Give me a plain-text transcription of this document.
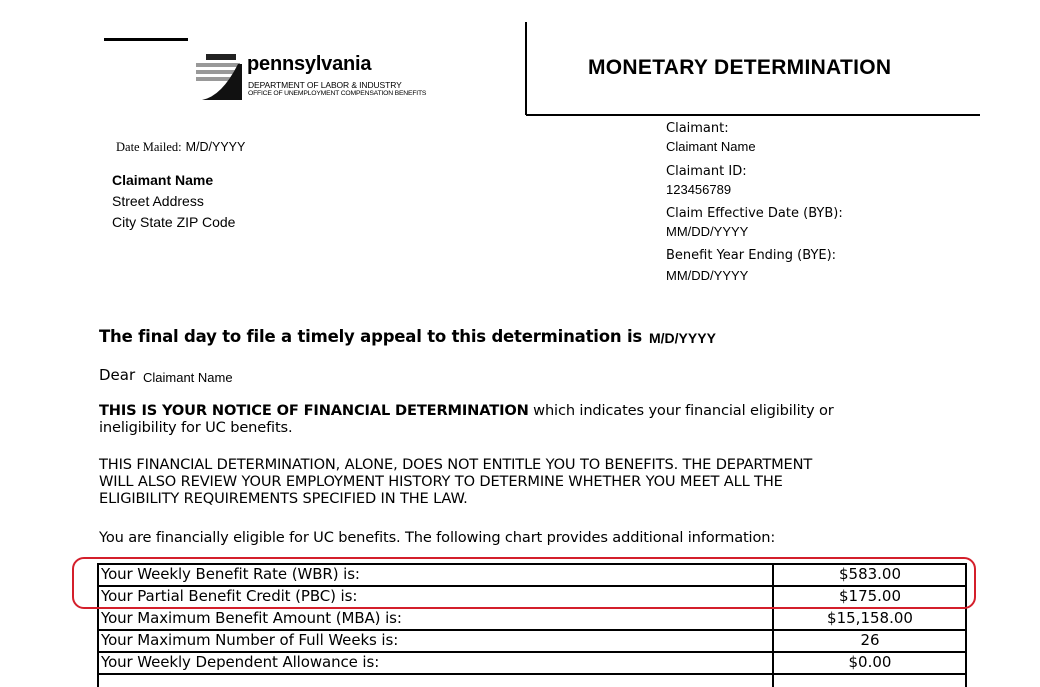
pennsylvania
DEPARTMENT OF LABOR & INDUSTRY
OFFICE OF UNEMPLOYMENT COMPENSATION BENEFITS
MONETARY DETERMINATION
Date Mailed: M/D/YYYY
Claimant Name
Street Address
City State ZIP Code
Claimant:
Claimant Name
Claimant ID:
123456789
Claim Effective Date (BYB):
MM/DD/YYYY
Benefit Year Ending (BYE):
MM/DD/YYYY
The final day to file a timely appeal to this determination is M/D/YYYY
Dear Claimant Name
THIS IS YOUR NOTICE OF FINANCIAL DETERMINATION which indicates your financial eligibility or
ineligibility for UC benefits.
THIS FINANCIAL DETERMINATION, ALONE, DOES NOT ENTITLE YOU TO BENEFITS. THE DEPARTMENT
WILL ALSO REVIEW YOUR EMPLOYMENT HISTORY TO DETERMINE WHETHER YOU MEET ALL THE
ELIGIBILITY REQUIREMENTS SPECIFIED IN THE LAW.
You are financially eligible for UC benefits. The following chart provides additional information:
Your Weekly Benefit Rate (WBR) is:	$583.00
Your Partial Benefit Credit (PBC) is:	$175.00
Your Maximum Benefit Amount (MBA) is:	$15,158.00
Your Maximum Number of Full Weeks is:	26
Your Weekly Dependent Allowance is:	$0.00
